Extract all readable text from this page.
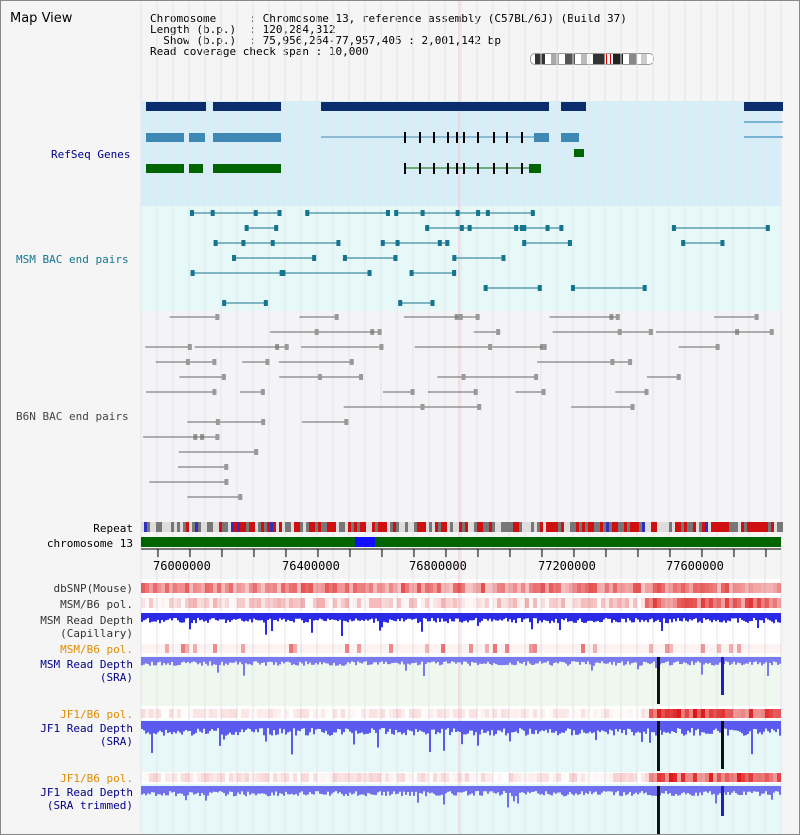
Map View	Chromosome     : Chromosome 13, reference assembly (C57BL/6J) (Build 37)
Length (b.p.)  : 120,284,312
Show (b.p.)  : 75,956,264-77,957,405 : 2,001,142 bp
Read coverage check span : 10,000
RefSeq Genes
MSM BAC end pairs
B6N BAC end pairs
Repeat
chromosome 13
dbSNP(Mouse)
MSM/B6 pol.
MSM Read Depth
(Capillary)
MSM/B6 pol.
MSM Read Depth
(SRA)
JF1/B6 pol.
JF1 Read Depth
(SRA)
JF1/B6 pol.
JF1 Read Depth
(SRA trimmed)
76000000	76400000	76800000	77200000	77600000
